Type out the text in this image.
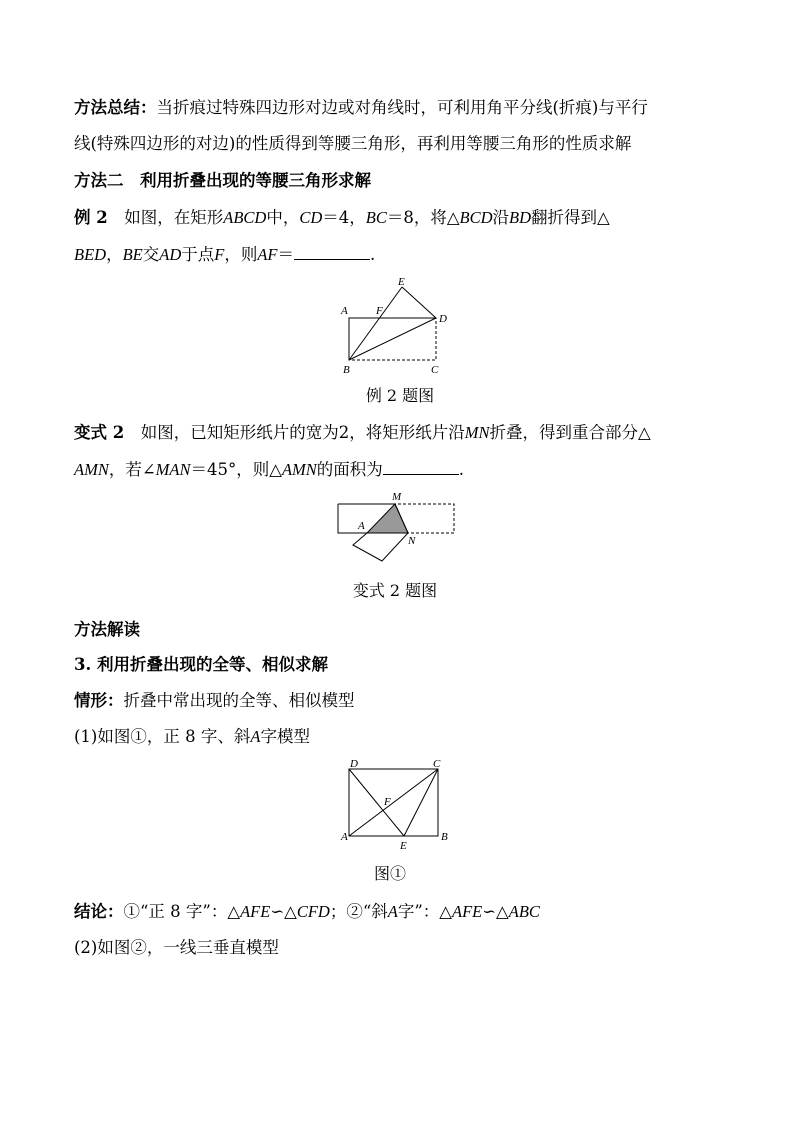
方法总结：当折痕过特殊四边形对边或对角线时，可利用角平分线(折痕)与平行
线(特殊四边形的对边)的性质得到等腰三角形，再利用等腰三角形的性质求解
方法二　利用折叠出现的等腰三角形求解
例 2　如图，在矩形ABCD中，CD＝4，BC＝8，将△BCD沿BD翻折得到△
BED，BE交AD于点F，则AF＝	.
A
B	C
D
E
F
例 2 题图
变式 2　如图，已知矩形纸片的宽为2，将矩形纸片沿MN折叠，得到重合部分△
AMN，若∠MAN＝45°，则△AMN的面积为	.
M
A
N
变式 2 题图
方法解读
3. 利用折叠出现的全等、相似求解
情形：折叠中常出现的全等、相似模型
(1)如图①，正 8 字、斜A字模型
A	B
C
D
E
F
图①
结论：①“正 8 字”：△AFE∽△CFD；②“斜A字”：△AFE∽△ABC
(2)如图②，一线三垂直模型
